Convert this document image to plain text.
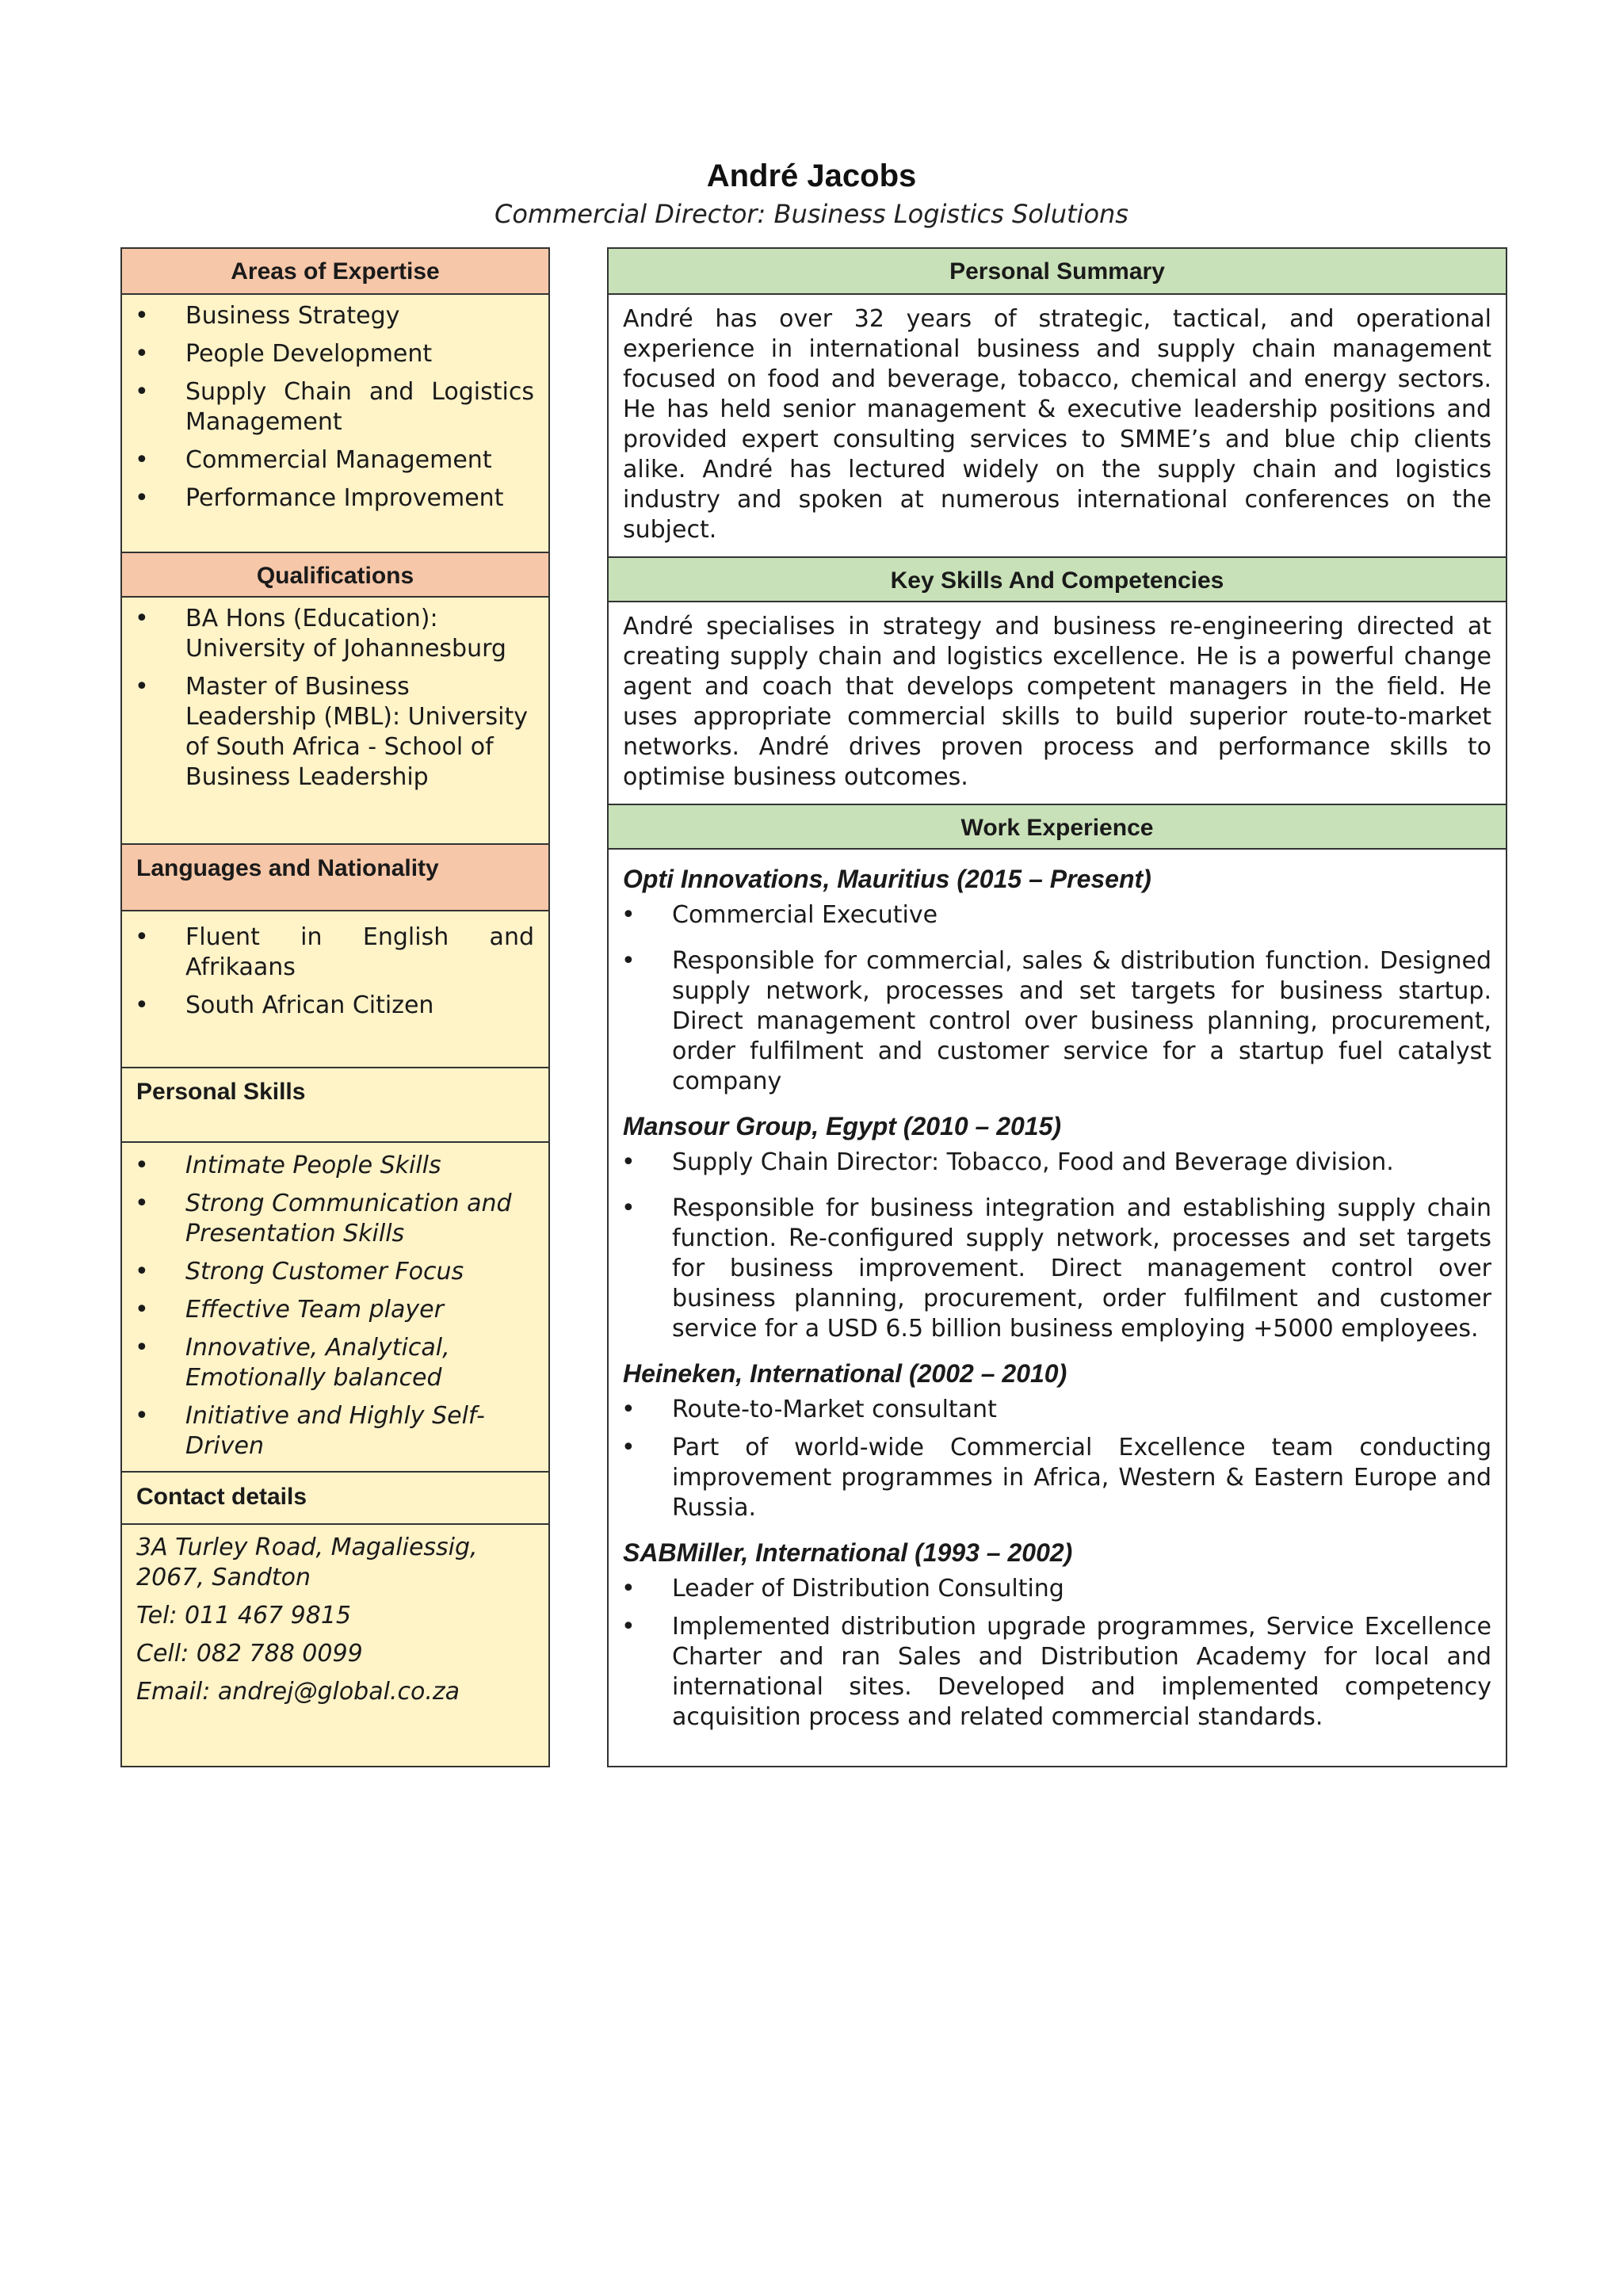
André Jacobs
Commercial Director: Business Logistics Solutions
Areas of Expertise
• Business Strategy
• People Development
• Supply Chain and Logistics Management
• Commercial Management
• Performance Improvement
Qualifications
• BA Hons (Education): University of Johannesburg
• Master of Business Leadership (MBL): University of South Africa - School of Business Leadership
Languages and Nationality
• Fluent in English and Afrikaans
• South African Citizen
Personal Skills
• Intimate People Skills
• Strong Communication and Presentation Skills
• Strong Customer Focus
• Effective Team player
• Innovative, Analytical, Emotionally balanced
• Initiative and Highly Self-Driven
Contact details

3A Turley Road, Magaliessig, 2067, Sandton

Tel: 011 467 9815

Cell: 082 788 0099

Email: andrej@global.co.za

Personal Summary
André has over 32 years of strategic, tactical, and operational experience in international business and supply chain management focused on food and beverage, tobacco, chemical and energy sectors. He has held senior management & executive leadership positions and provided expert consulting services to SMME’s and blue chip clients alike. André has lectured widely on the supply chain and logistics industry and spoken at numerous international conferences on the subject.
Key Skills And Competencies
André specialises in strategy and business re-engineering directed at creating supply chain and logistics excellence. He is a powerful change agent and coach that develops competent managers in the field. He uses appropriate commercial skills to build superior route-to-market networks. André drives proven process and performance skills to optimise business outcomes.
Work Experience

Opti Innovations, Mauritius (2015 – Present)

• Commercial Executive
• Responsible for commercial, sales & distribution function. Designed supply network, processes and set targets for business startup. Direct management control over business planning, procurement, order fulfilment and customer service for a startup fuel catalyst company

Mansour Group, Egypt (2010 – 2015)

• Supply Chain Director: Tobacco, Food and Beverage division.
• Responsible for business integration and establishing supply chain function. Re-configured supply network, processes and set targets for business improvement. Direct management control over business planning, procurement, order fulfilment and customer service for a USD 6.5 billion business employing +5000 employees.

Heineken, International (2002 – 2010)

• Route-to-Market consultant
• Part of world-wide Commercial Excellence team conducting improvement programmes in Africa, Western & Eastern Europe and Russia.

SABMiller, International (1993 – 2002)

• Leader of Distribution Consulting
• Implemented distribution upgrade programmes, Service Excellence Charter and ran Sales and Distribution Academy for local and international sites. Developed and implemented competency acquisition process and related commercial standards.
